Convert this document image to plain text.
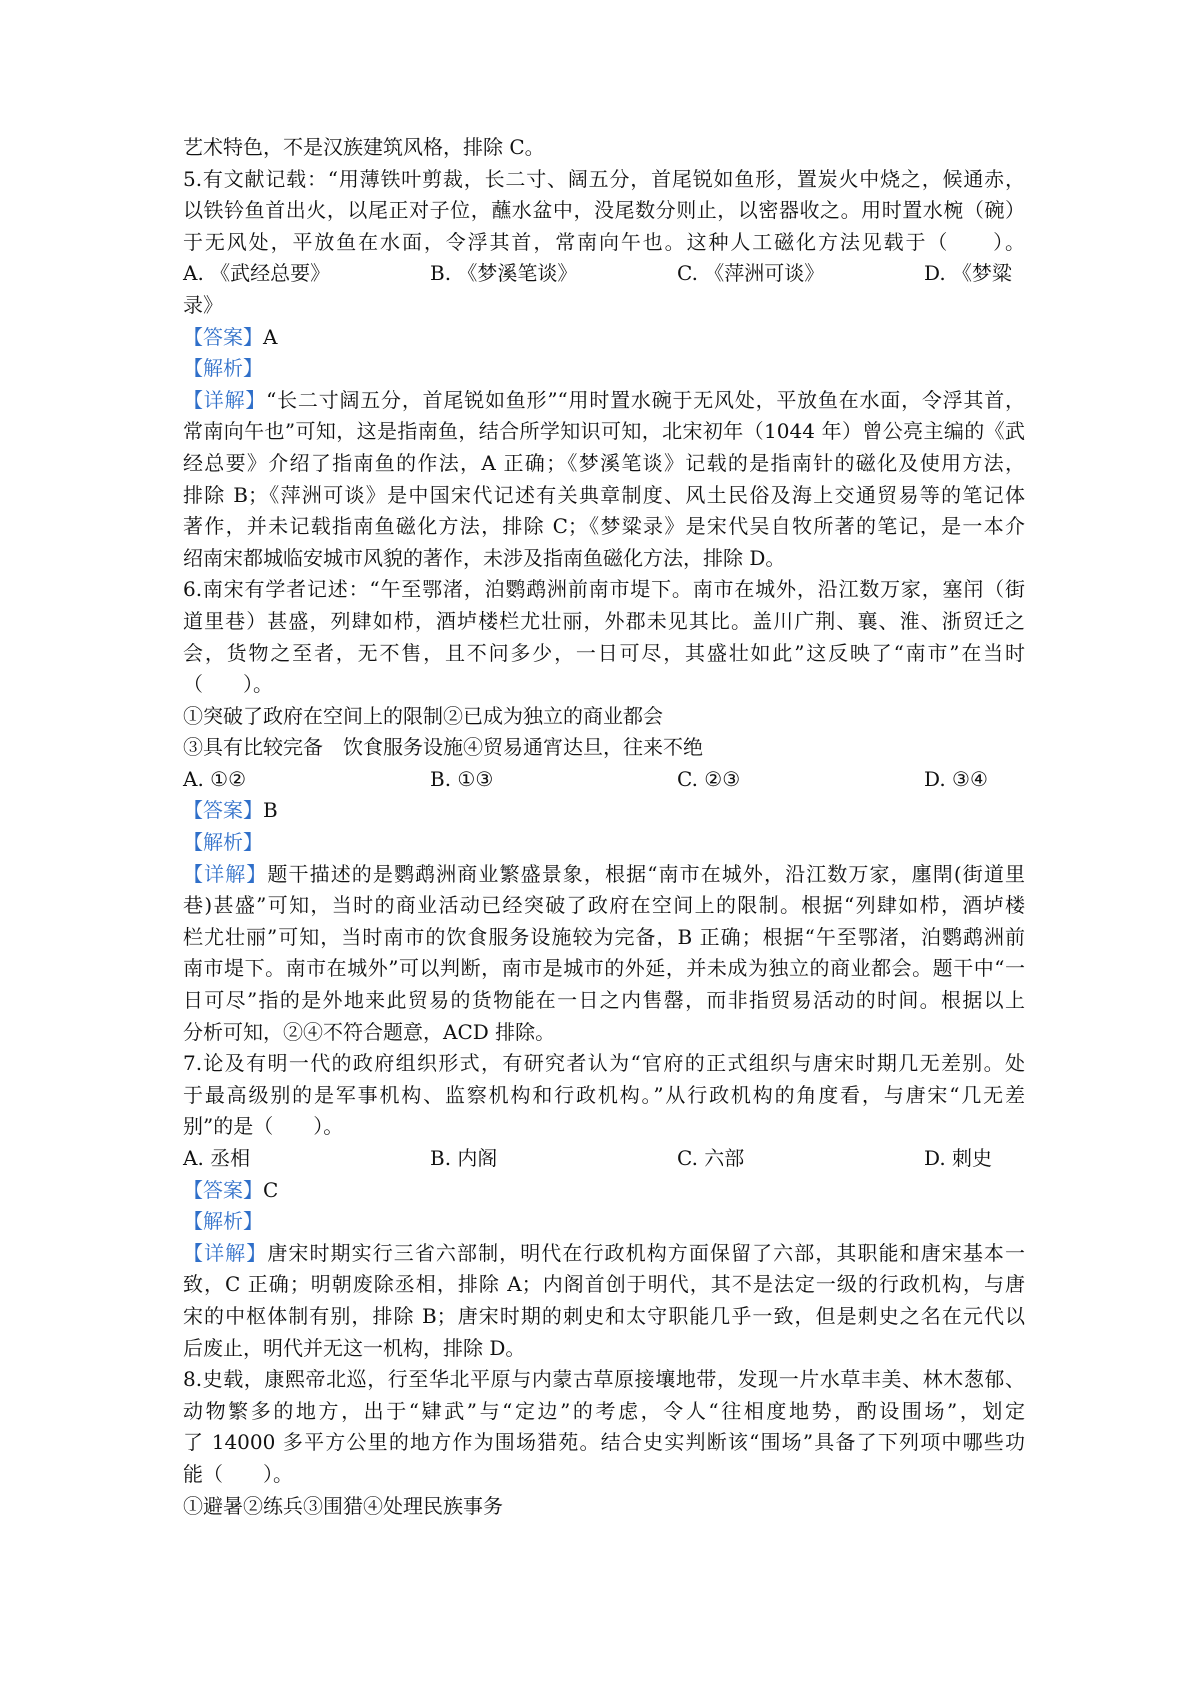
艺术特色，不是汉族建筑风格，排除 C。
5.有文献记载：“用薄铁叶剪裁，长二寸、阔五分，首尾锐如鱼形，置炭火中烧之，候通赤，
以铁钤鱼首出火，以尾正对子位，蘸水盆中，没尾数分则止，以密器收之。用时置水椀（碗）
于无风处，平放鱼在水面，令浮其首，常南向午也。这种人工磁化方法见载于（　　）。
A. 《武经总要》	B. 《梦溪笔谈》	C. 《萍洲可谈》	D. 《梦粱
录》
【答案】A
【解析】
【详解】“长二寸阔五分，首尾锐如鱼形”“用时置水碗于无风处，平放鱼在水面，令浮其首，
常南向午也”可知，这是指南鱼，结合所学知识可知，北宋初年（1044 年）曾公亮主编的《武
经总要》介绍了指南鱼的作法，A 正确；《梦溪笔谈》记载的是指南针的磁化及使用方法，
排除 B；《萍洲可谈》是中国宋代记述有关典章制度、风土民俗及海上交通贸易等的笔记体
著作，并未记载指南鱼磁化方法，排除 C；《梦粱录》是宋代吴自牧所著的笔记，是一本介
绍南宋都城临安城市风貌的著作，未涉及指南鱼磁化方法，排除 D。
6.南宋有学者记述：“午至鄂渚，泊鹦鹉洲前南市堤下。南市在城外，沿江数万家，塞闬（街
道里巷）甚盛，列肆如栉，酒垆楼栏尤壮丽，外郡未见其比。盖川广荆、襄、淮、浙贸迁之
会，货物之至者，无不售，且不问多少，一日可尽，其盛壮如此”这反映了“南市”在当时
（　　）。
①突破了政府在空间上的限制②已成为独立的商业都会
③具有比较完备　饮食服务设施④贸易通宵达旦，往来不绝
A. ①②	B. ①③	C. ②③	D. ③④
【答案】B
【解析】
【详解】题干描述的是鹦鹉洲商业繁盛景象，根据“南市在城外，沿江数万家，廛閈(街道里
巷)甚盛”可知，当时的商业活动已经突破了政府在空间上的限制。根据“列肆如栉，酒垆楼
栏尤壮丽”可知，当时南市的饮食服务设施较为完备，B 正确；根据“午至鄂渚，泊鹦鹉洲前
南市堤下。南市在城外”可以判断，南市是城市的外延，并未成为独立的商业都会。题干中“一
日可尽”指的是外地来此贸易的货物能在一日之内售罄，而非指贸易活动的时间。根据以上
分析可知，②④不符合题意，ACD 排除。
7.论及有明一代的政府组织形式，有研究者认为“官府的正式组织与唐宋时期几无差别。处
于最高级别的是军事机构、监察机构和行政机构。”从行政机构的角度看，与唐宋“几无差
别”的是（　　）。
A. 丞相	B. 内阁	C. 六部	D. 刺史
【答案】C
【解析】
【详解】唐宋时期实行三省六部制，明代在行政机构方面保留了六部，其职能和唐宋基本一
致，C 正确；明朝废除丞相，排除 A；内阁首创于明代，其不是法定一级的行政机构，与唐
宋的中枢体制有别，排除 B；唐宋时期的刺史和太守职能几乎一致，但是刺史之名在元代以
后废止，明代并无这一机构，排除 D。
8.史载，康熙帝北巡，行至华北平原与内蒙古草原接壤地带，发现一片水草丰美、林木葱郁、
动物繁多的地方，出于“肄武”与“定边”的考虑，令人“往相度地势，酌设围场”，划定
了 14000 多平方公里的地方作为围场猎苑。结合史实判断该“围场”具备了下列项中哪些功
能（　　）。
①避暑②练兵③围猎④处理民族事务
